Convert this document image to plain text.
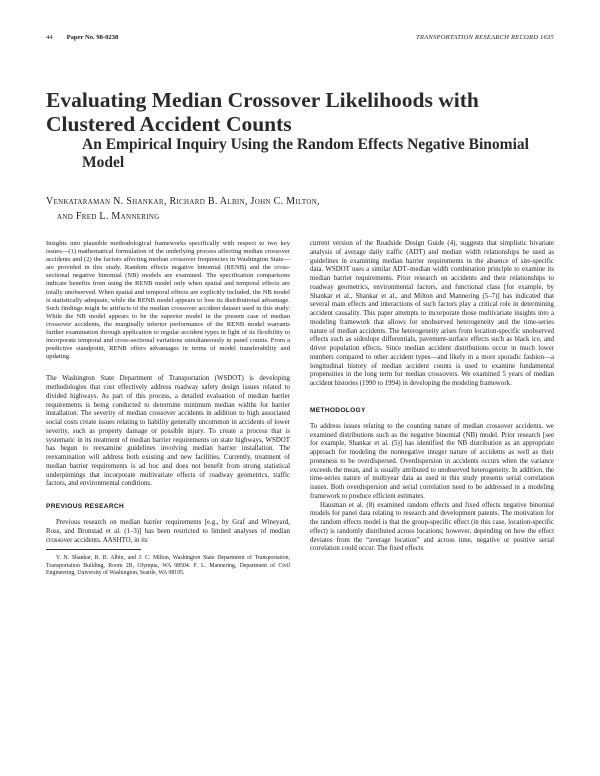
44 Paper No. 98-0238	TRANSPORTATION RESEARCH RECORD 1635
Evaluating Median Crossover Likelihoods with Clustered Accident Counts
An Empirical Inquiry Using the Random Effects Negative Binomial Model
Venkataraman N. Shankar, Richard B. Albin, John C. Milton,
and Fred L. Mannering

Insights into plausible methodological frameworks specifically with respect to two key issues—(1) mathematical formulation of the underlying process affecting median crossover accidents and (2) the factors affecting median crossover frequencies in Washington State—are provided in this study. Random effects negative binomial (RENB) and the cross-sectional negative binomial (NB) models are examined. The specification comparisons indicate benefits from using the RENB model only when spatial and temporal effects are totally unobserved. When spatial and temporal effects are explicitly included, the NB model is statistically adequate, while the RENB model appears to lose its distributional advantage. Such findings might be artifacts of the median crossover accident dataset used in this study. While the NB model appears to be the superior model in the present case of median crossover accidents, the marginally inferior performance of the RENB model warrants further examination through application to regular accident types in light of its flexibility to incorporate temporal and cross-sectional variations simultaneously in panel counts. From a predictive standpoint, RENB offers advantages in terms of model transferability and updating.

The Washington State Department of Transportation (WSDOT) is developing methodologies that cost effectively address roadway safety design issues related to divided highways. As part of this process, a detailed evaluation of median barrier requirements is being conducted to determine minimum median widths for barrier installation. The severity of median crossover accidents in addition to high associated social costs create issues relating to liability generally uncommon in accidents of lower severity, such as property damage or possible injury. To create a process that is systematic in its treatment of median barrier requirements on state highways, WSDOT has begun to reexamine guidelines involving median barrier installation. The reexamination will address both existing and new facilities. Currently, treatment of median barrier requirements is ad hoc and does not benefit from strong statistical underpinnings that incorporate multivariate effects of roadway geometrics, traffic factors, and environmental conditions.

PREVIOUS RESEARCH

Previous research on median barrier requirements [e.g., by Graf and Wineyard, Ross, and Bronstad et al. (1–3)] has been restricted to limited analyses of median crossover accidents. AASHTO, in its

V. N. Shankar, R. B. Albin, and J. C. Milton, Washington State Department of Transportation, Transportation Building, Room 2B, Olympia, WA 98504. F. L. Mannering, Department of Civil Engineering, University of Washington, Seattle, WA 98195.

current version of the Roadside Design Guide (4), suggests that simplistic bivariate analysis of average daily traffic (ADT) and median width relationships be used as guidelines in examining median barrier requirements in the absence of site-specific data. WSDOT uses a similar ADT–median width combination principle to examine its median barrier requirements. Prior research on accidents and their relationships to roadway geometrics, environmental factors, and functional class [for example, by Shankar et al., Shankar et al., and Milton and Mannering (5–7)] has indicated that several main effects and interactions of such factors play a critical role in determining accident causality. This paper attempts to incorporate those multivariate insights into a modeling framework that allows for unobserved heterogeneity and the time-series nature of median accidents. The heterogeneity arises from location-specific unobserved effects such as sideslope differentials, pavement-surface effects such as black ice, and driver population effects. Since median accident distributions occur in much lower numbers compared to other accident types—and likely in a more sporadic fashion—a longitudinal history of median accident counts is used to examine fundamental propensities in the long term for median crossovers. We examined 5 years of median accident histories (1990 to 1994) in developing the modeling framework.

METHODOLOGY

To address issues relating to the counting nature of median crossover accidents, we examined distributions such as the negative binomial (NB) model. Prior research [see for example, Shankar et al. (5)] has identified the NB distribution as an appropriate approach for modeling the nonnegative integer nature of accidents as well as their proneness to be overdispersed. Overdispersion in accidents occurs when the variance exceeds the mean, and is usually attributed to unobserved heterogeneity. In addition, the time-series nature of multiyear data as used in this study presents serial correlation issues. Both overdispersion and serial correlation need to be addressed in a modeling framework to produce efficient estimates.

Hausman et al. (8) examined random effects and fixed effects negative binomial models for panel data relating to research and development patents. The motivation for the random effects model is that the group-specific effect (in this case, location-specific effect) is randomly distributed across locations; however, depending on how the effect deviates from the “average location” and across time, negative or positive serial correlation could occur. The fixed effects
